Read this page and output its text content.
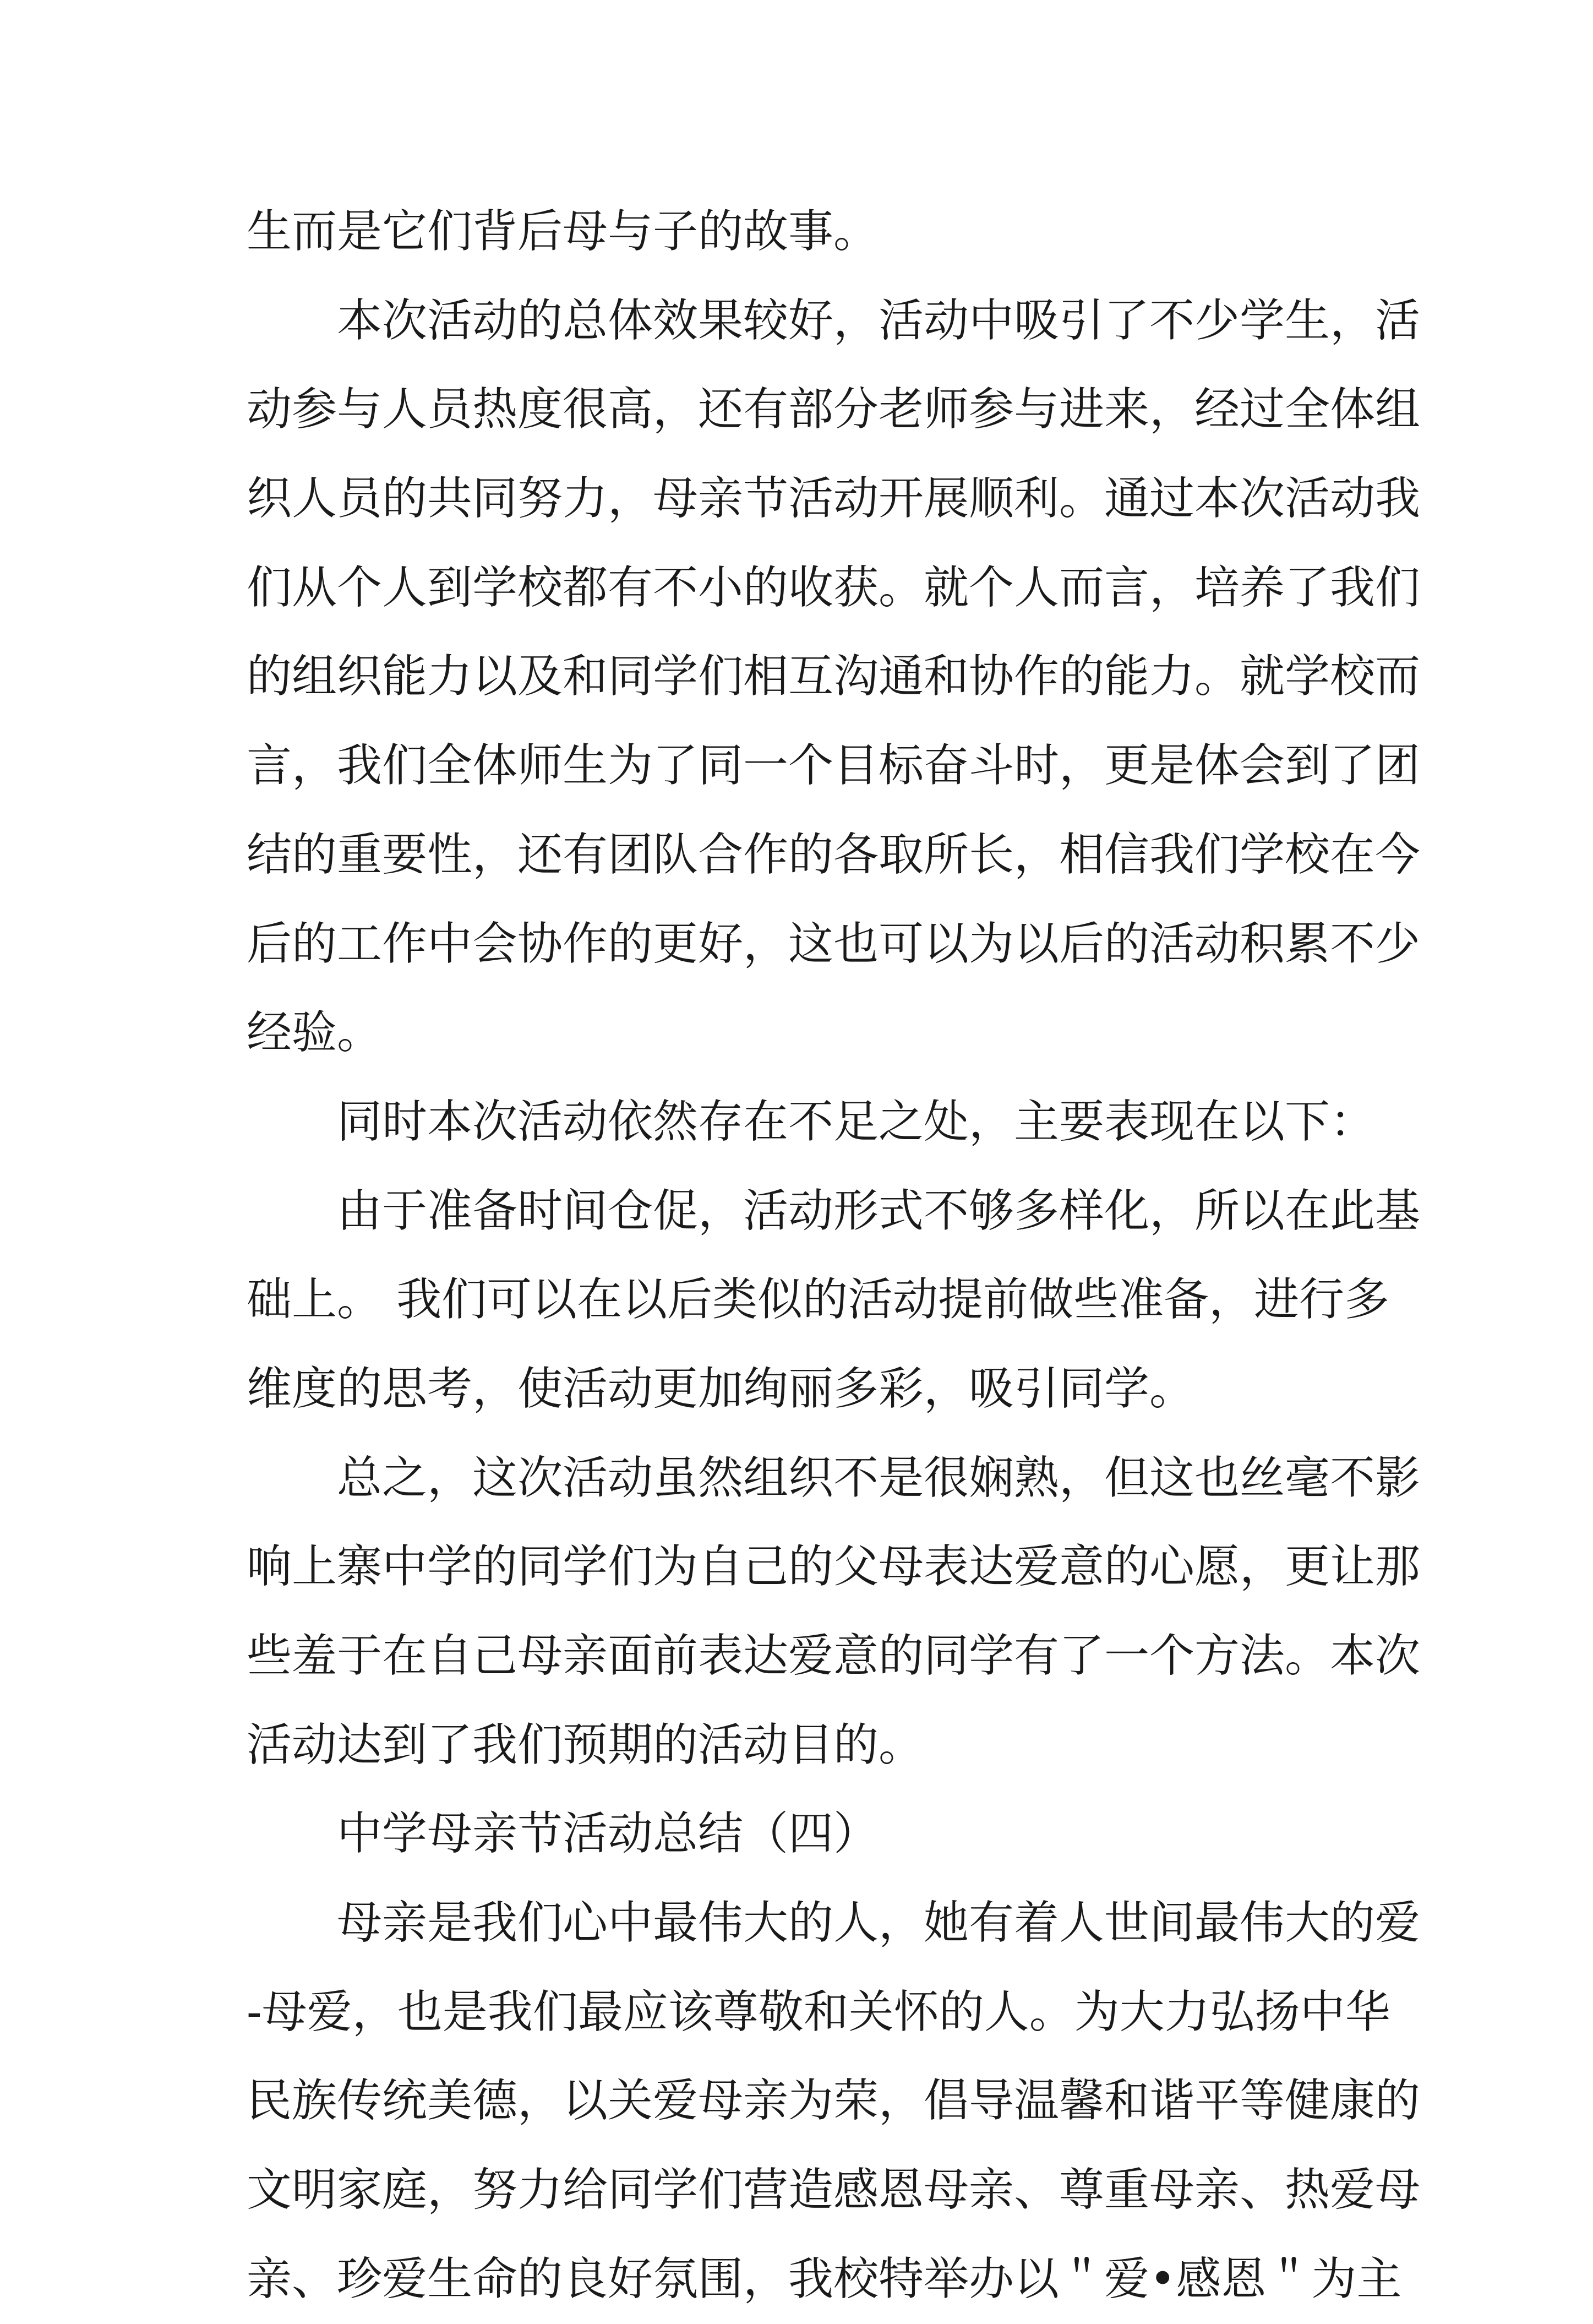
生而是它们背后母与子的故事。
本次活动的总体效果较好，活动中吸引了不少学生，活
动参与人员热度很高，还有部分老师参与进来，经过全体组
织人员的共同努力，母亲节活动开展顺利。通过本次活动我
们从个人到学校都有不小的收获。就个人而言，培养了我们
的组织能力以及和同学们相互沟通和协作的能力。就学校而
言，我们全体师生为了同一个目标奋斗时，更是体会到了团
结的重要性，还有团队合作的各取所长，相信我们学校在今
后的工作中会协作的更好，这也可以为以后的活动积累不少
经验。
同时本次活动依然存在不足之处，主要表现在以下：
由于准备时间仓促，活动形式不够多样化，所以在此基
础上。 我们可以在以后类似的活动提前做些准备，进行多
维度的思考，使活动更加绚丽多彩，吸引同学。
总之，这次活动虽然组织不是很娴熟，但这也丝毫不影
响上寨中学的同学们为自己的父母表达爱意的心愿，更让那
些羞于在自己母亲面前表达爱意的同学有了一个方法。本次
活动达到了我们预期的活动目的。
中学母亲节活动总结（四）
母亲是我们心中最伟大的人，她有着人世间最伟大的爱
-母爱，也是我们最应该尊敬和关怀的人。为大力弘扬中华
民族传统美德，以关爱母亲为荣，倡导温馨和谐平等健康的
文明家庭，努力给同学们营造感恩母亲、尊重母亲、热爱母
亲、珍爱生命的良好氛围，我校特举办以＂爱•感恩＂为主
